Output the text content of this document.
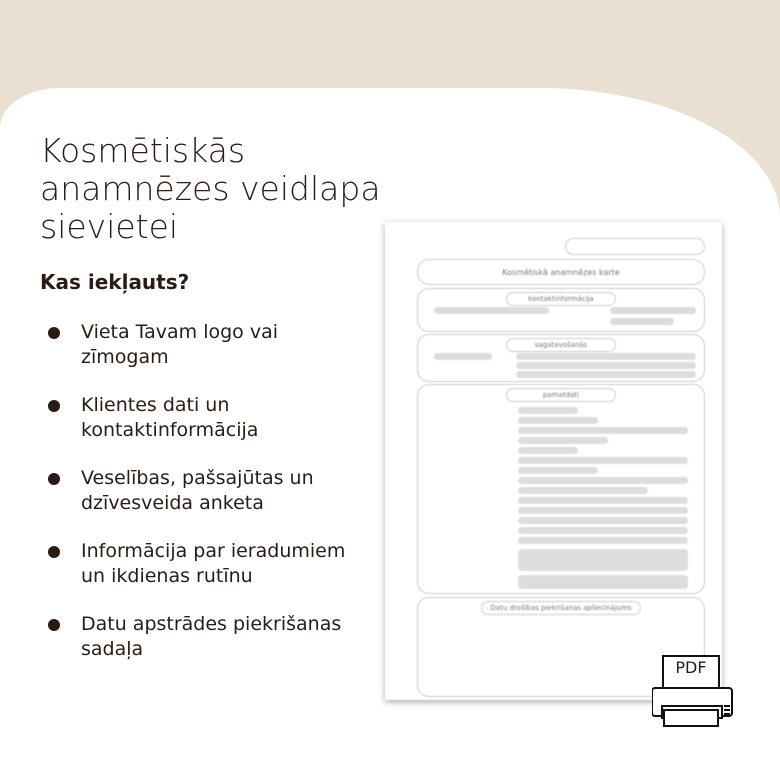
Kosmētiskās anamnēzes veidlapa sievietei
Kas iekļauts?
Vieta Tavam logo vai zīmogam
Klientes dati un kontaktinformācija
Veselības, pašsajūtas un dzīvesveida anketa
Informācija par ieradumiem un ikdienas rutīnu
Datu apstrādes piekrišanas sadaļa
Kosmētiskā anamnēzes karte
kontaktinformācija
sagatavošanās
pamatdati
Datu drošības piekrišanas apliecinājums
PDF
